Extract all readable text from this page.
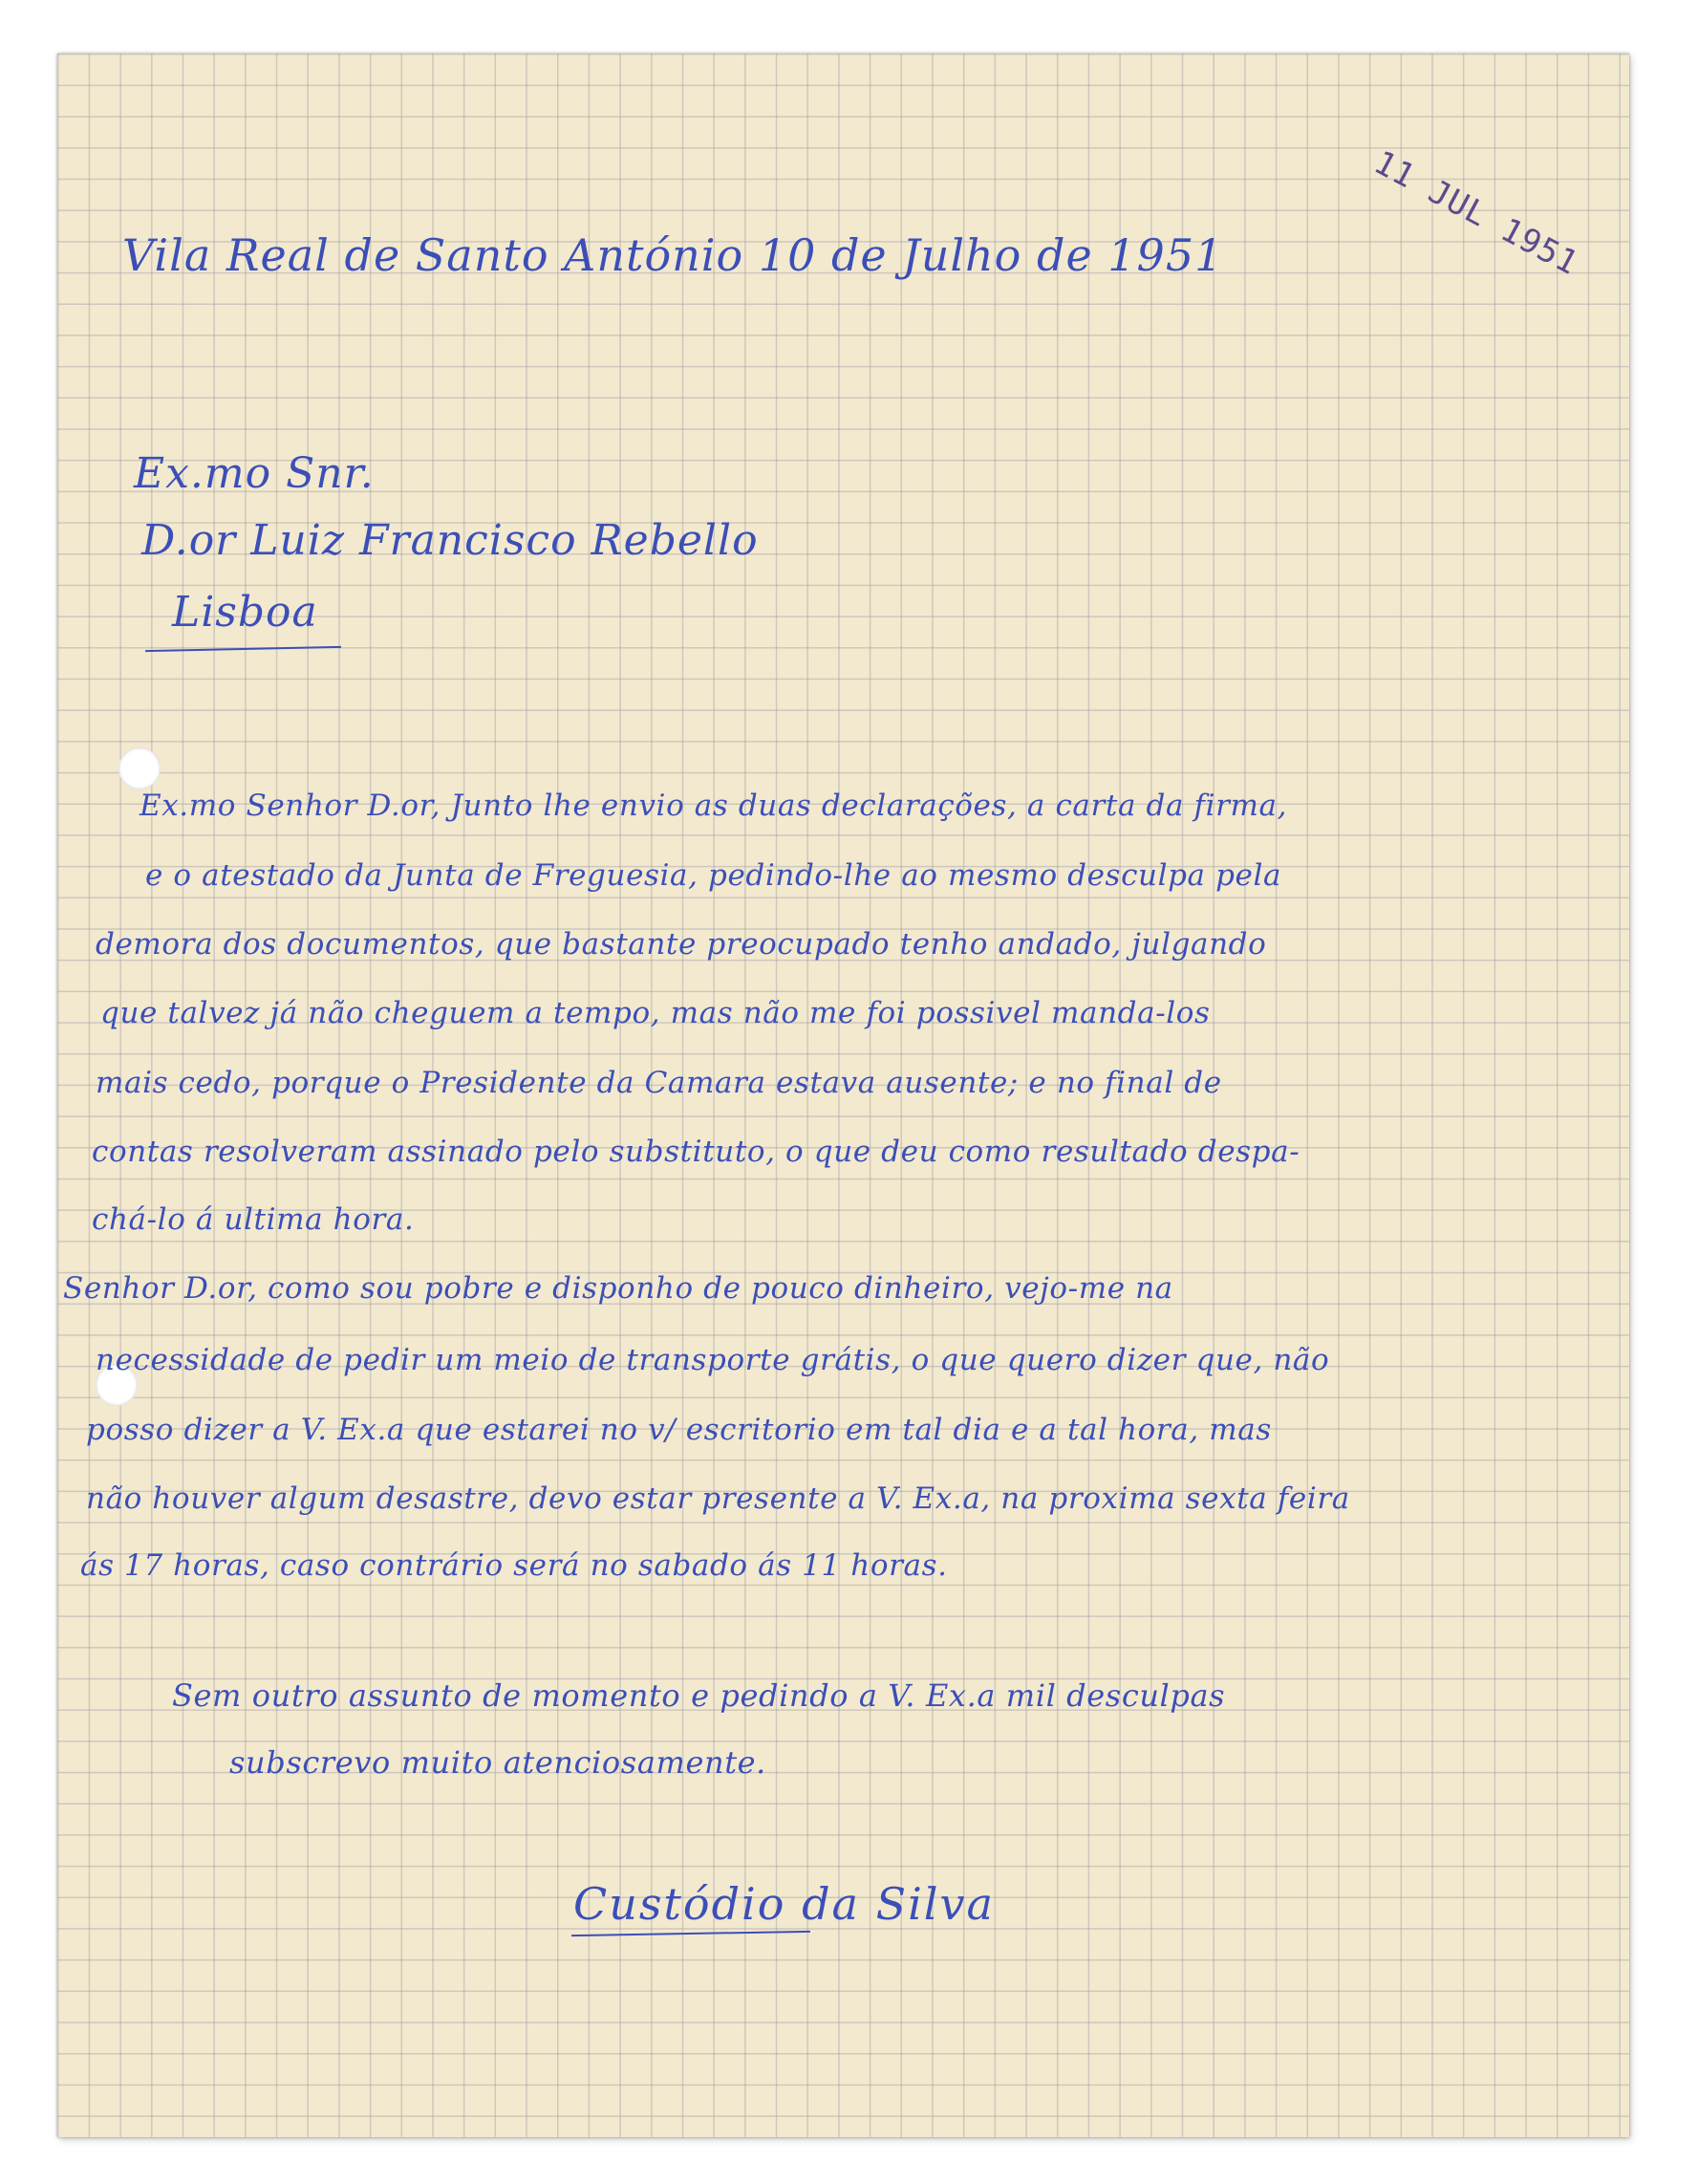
11 JUL 1951
Vila Real de Santo António 10 de Julho de 1951
Ex.mo Snr.
D.or Luiz Francisco Rebello
Lisboa
Ex.mo Senhor D.or, Junto lhe envio as duas declarações, a carta da firma,
e o atestado da Junta de Freguesia, pedindo-lhe ao mesmo desculpa pela
demora dos documentos, que bastante preocupado tenho andado, julgando
que talvez já não cheguem a tempo, mas não me foi possivel manda-los
mais cedo, porque o Presidente da Camara estava ausente; e no final de
contas resolveram assinado pelo substituto, o que deu como resultado despa-
chá-lo á ultima hora.
Senhor D.or, como sou pobre e disponho de pouco dinheiro, vejo-me na
necessidade de pedir um meio de transporte grátis, o que quero dizer que, não
posso dizer a V. Ex.a que estarei no v/ escritorio em tal dia e a tal hora, mas
não houver algum desastre, devo estar presente a V. Ex.a, na proxima sexta feira
ás 17 horas, caso contrário será no sabado ás 11 horas.
Sem outro assunto de momento e pedindo a V. Ex.a mil desculpas
subscrevo muito atenciosamente.
Custódio da Silva
